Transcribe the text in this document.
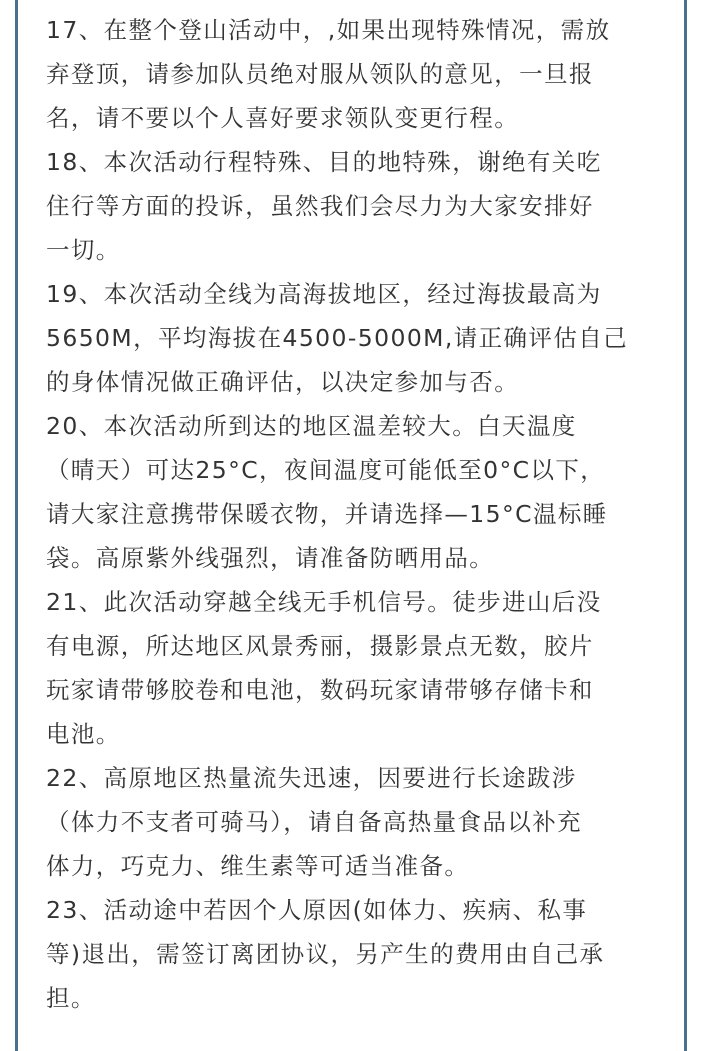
17、在整个登山活动中，,如果出现特殊情况，需放
弃登顶，请参加队员绝对服从领队的意见，一旦报
名，请不要以个人喜好要求领队变更行程。

18、本次活动行程特殊、目的地特殊，谢绝有关吃
住行等方面的投诉，虽然我们会尽力为大家安排好
一切。

19、本次活动全线为高海拔地区，经过海拔最高为
5650M，平均海拔在4500-5000M,请正确评估自己
的身体情况做正确评估，以决定参加与否。

20、本次活动所到达的地区温差较大。白天温度
（晴天）可达25°C，夜间温度可能低至0°C以下，
请大家注意携带保暖衣物，并请选择—15°C温标睡
袋。高原紫外线强烈，请准备防晒用品。

21、此次活动穿越全线无手机信号。徒步进山后没
有电源，所达地区风景秀丽，摄影景点无数，胶片
玩家请带够胶卷和电池，数码玩家请带够存储卡和
电池。

22、高原地区热量流失迅速，因要进行长途跋涉
（体力不支者可骑马），请自备高热量食品以补充
体力，巧克力、维生素等可适当准备。

23、活动途中若因个人原因(如体力、疾病、私事
等)退出，需签订离团协议，另产生的费用由自己承
担。
